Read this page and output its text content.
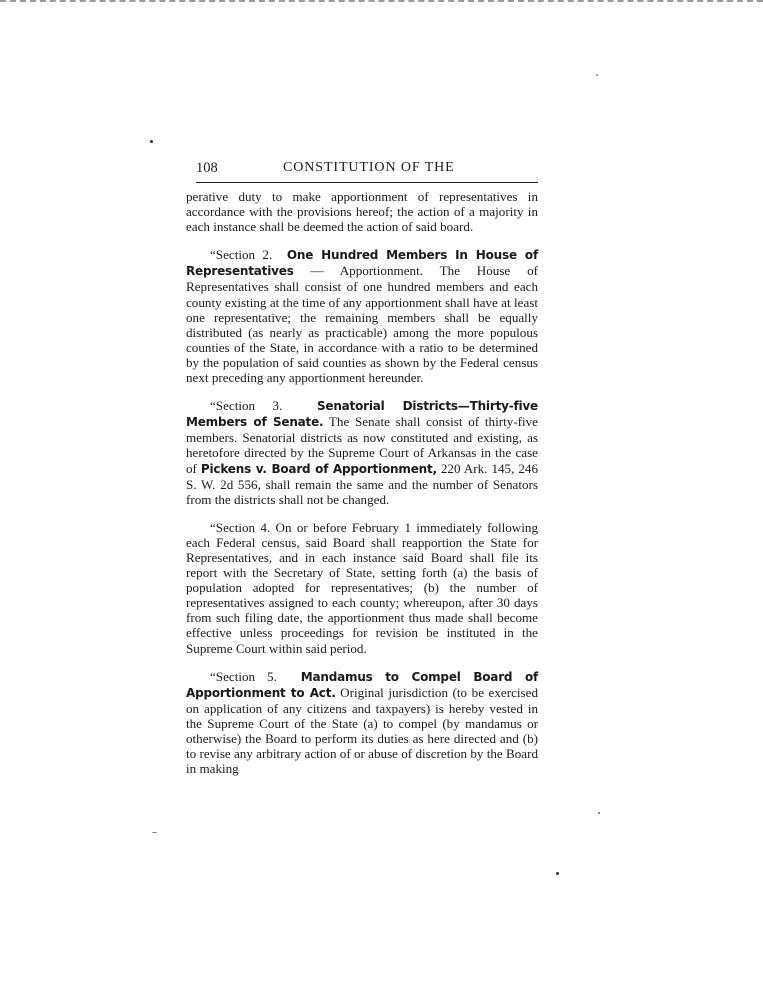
108	CONSTITUTION OF THE

perative duty to make apportionment of representatives in accordance with the provisions hereof; the action of a majority in each instance shall be deemed the action of said board.

“Section 2. One Hundred Members In House of Representatives — Apportionment. The House of Representatives shall consist of one hundred members and each county existing at the time of any apportionment shall have at least one representative; the remaining members shall be equally distributed (as nearly as practicable) among the more populous counties of the State, in accordance with a ratio to be determined by the population of said counties as shown by the Federal census next preceding any apportionment hereunder.

“Section 3.	Senatorial Districts—Thirty-five Members of Senate. The Senate shall consist of thirty-five members. Senatorial districts as now constituted and existing, as heretofore directed by the Supreme Court of Arkansas in the case of Pickens v. Board of Apportionment, 220 Ark. 145, 246 S. W. 2d 556, shall remain the same and the number of Senators from the districts shall not be changed.

“Section 4. On or before February 1 immediately following each Federal census, said Board shall reapportion the State for Representatives, and in each instance said Board shall file its report with the Secretary of State, setting forth (a) the basis of population adopted for representatives; (b) the number of representatives assigned to each county; whereupon, after 30 days from such filing date, the apportionment thus made shall become effective unless proceedings for revision be instituted in the Supreme Court within said period.

“Section 5. Mandamus to Compel Board of Apportionment to Act. Original jurisdiction (to be exercised on application of any citizens and taxpayers) is hereby vested in the Supreme Court of the State (a) to compel (by mandamus or otherwise) the Board to perform its duties as here directed and (b) to revise any arbitrary action of or abuse of discretion by the Board in making
